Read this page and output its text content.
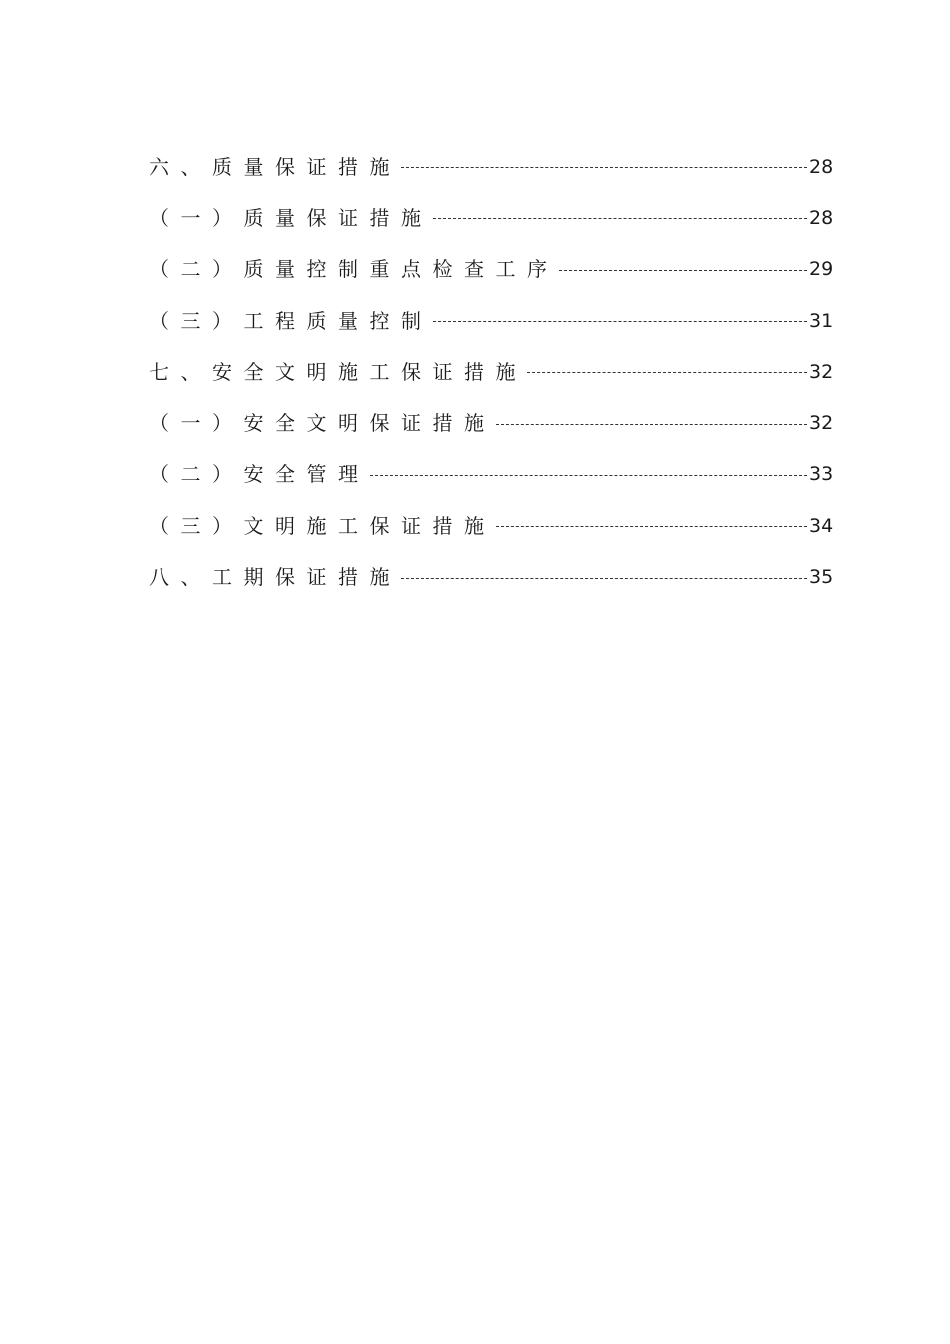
六、质量保证措施	28
（一）质量保证措施	28
（二）质量控制重点检查工序	29
（三）工程质量控制	31
七、安全文明施工保证措施	32
（一）安全文明保证措施	32
（二）安全管理	33
（三）文明施工保证措施	34
八、工期保证措施	35
